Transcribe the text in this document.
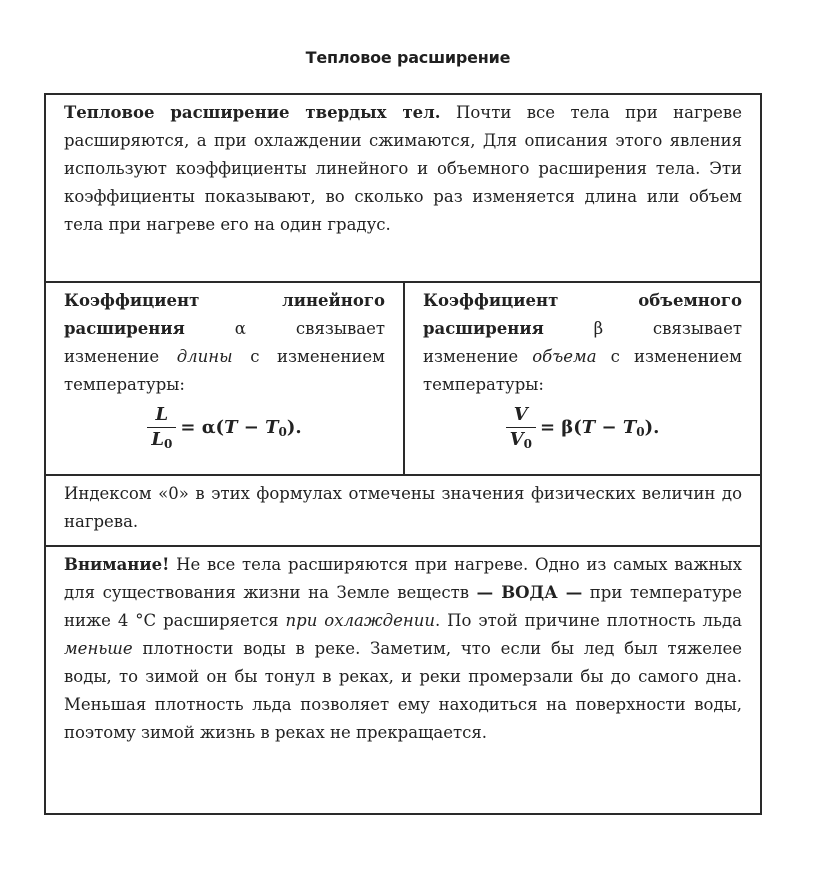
Тепловое расширение
Тепловое расширение твердых тел. Почти все тела при нагреве расширяются, а при охлаждении сжимаются, Для описания этого явления используют коэффициенты линейного и объемного расширения тела. Эти коэффициенты показывают, во сколько раз изменяется длина или объем тела при нагреве его на один градус.
Коэффициент линейного расширения	α связывает изменение длины с изменением температуры:
$\frac{L}{L_0} = \alpha(T - T_0)$.
Коэффициент объемного расширения	β связывает изменение объема с изменением температуры:
$\frac{V}{V_0} = \beta(T - T_0)$.
Индексом «0» в этих формулах отмечены значения физических величин до нагрева.
Внимание! Не все тела расширяются при нагреве. Одно из самых важных для существования жизни на Земле веществ — ВОДА — при температуре ниже 4 °С расширяется при охлаждении. По этой причине плотность льда меньше плотности воды в реке. Заметим, что если бы лед был тяжелее воды, то зимой он бы тонул в реках, и реки промерзали бы до самого дна. Меньшая плотность льда позволяет ему находиться на поверхности воды, поэтому зимой жизнь в реках не прекращается.
